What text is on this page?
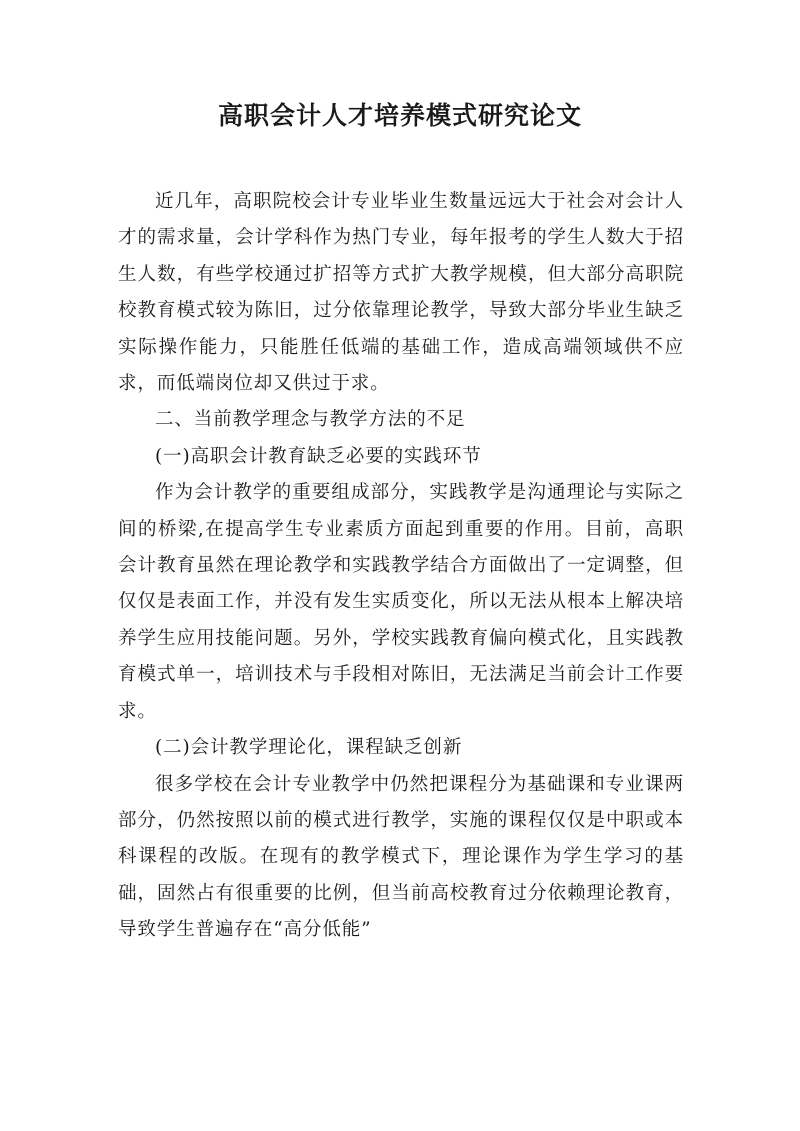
高职会计人才培养模式研究论文

近几年，高职院校会计专业毕业生数量远远大于社会对会计人才的需求量，会计学科作为热门专业，每年报考的学生人数大于招生人数，有些学校通过扩招等方式扩大教学规模，但大部分高职院校教育模式较为陈旧，过分依靠理论教学，导致大部分毕业生缺乏实际操作能力，只能胜任低端的基础工作，造成高端领域供不应求，而低端岗位却又供过于求。

二、当前教学理念与教学方法的不足

(一)高职会计教育缺乏必要的实践环节

作为会计教学的重要组成部分，实践教学是沟通理论与实际之间的桥梁,在提高学生专业素质方面起到重要的作用。目前，高职会计教育虽然在理论教学和实践教学结合方面做出了一定调整，但仅仅是表面工作，并没有发生实质变化，所以无法从根本上解决培养学生应用技能问题。另外，学校实践教育偏向模式化，且实践教育模式单一，培训技术与手段相对陈旧，无法满足当前会计工作要求。

(二)会计教学理论化，课程缺乏创新

很多学校在会计专业教学中仍然把课程分为基础课和专业课两部分，仍然按照以前的模式进行教学，实施的课程仅仅是中职或本科课程的改版。在现有的教学模式下，理论课作为学生学习的基础，固然占有很重要的比例，但当前高校教育过分依赖理论教育，导致学生普遍存在“高分低能”
